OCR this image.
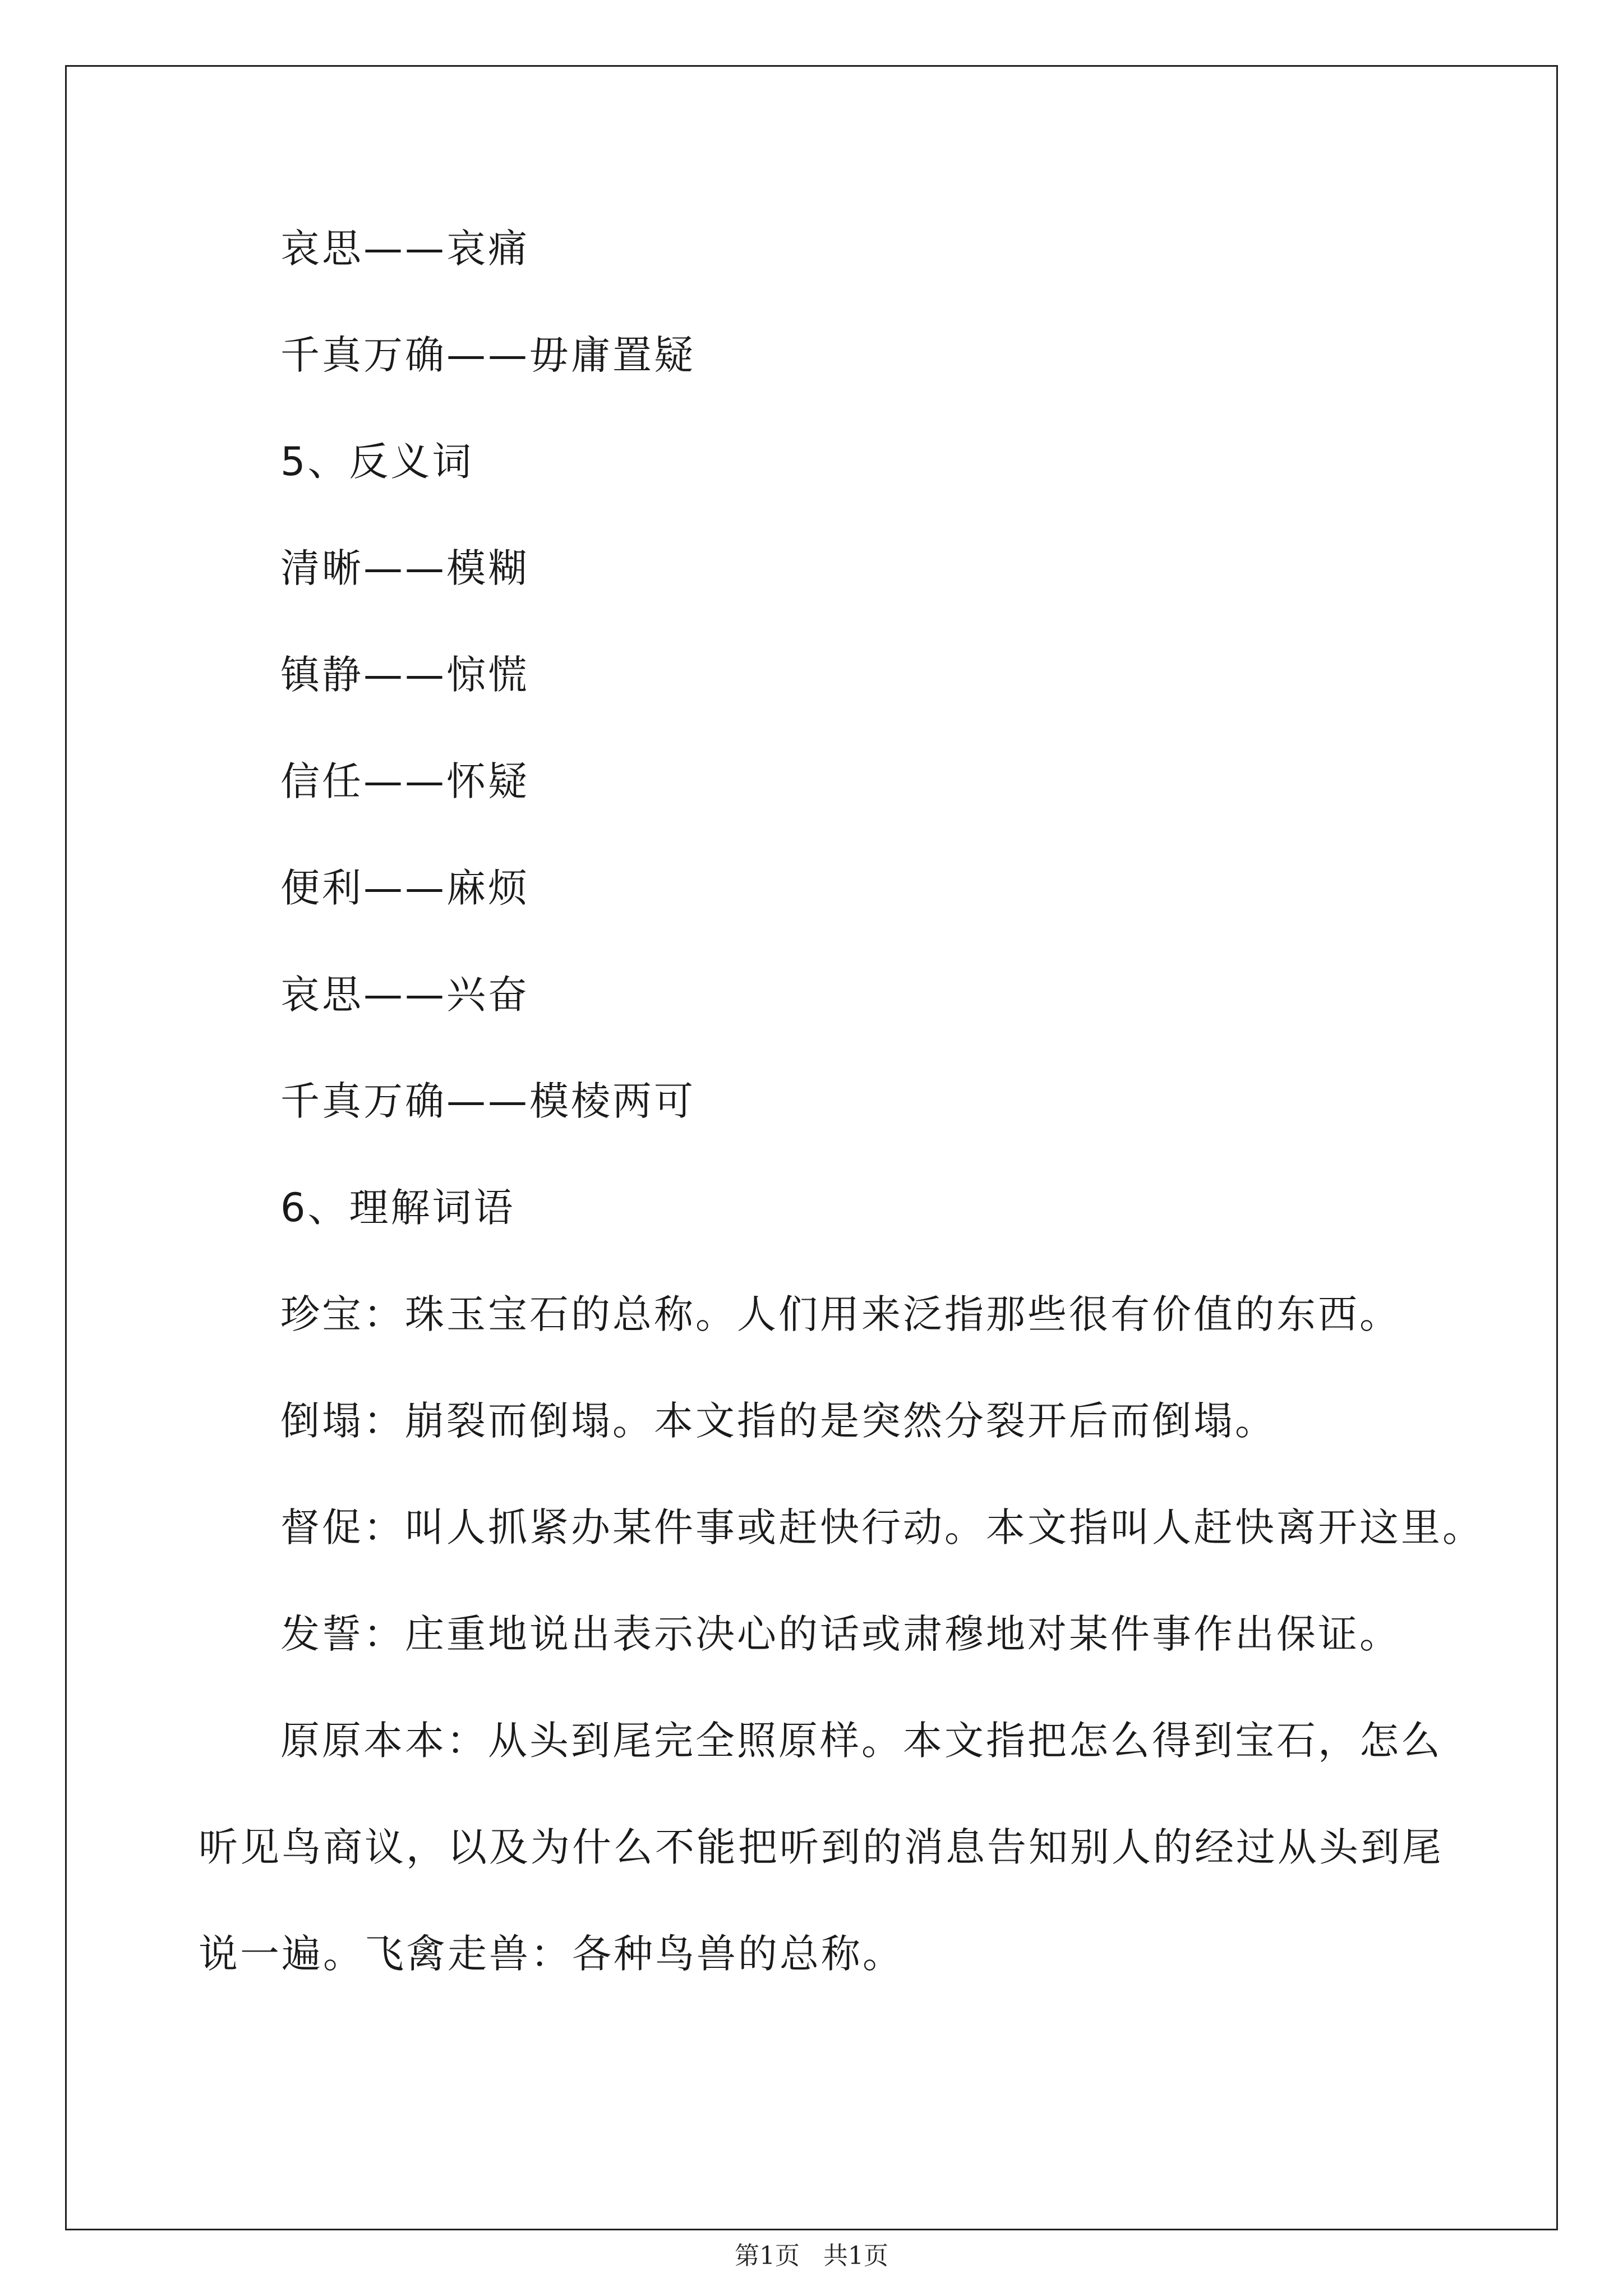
哀思——哀痛
千真万确——毋庸置疑
5、反义词
清晰——模糊
镇静——惊慌
信任——怀疑
便利——麻烦
哀思——兴奋
千真万确——模棱两可
6、理解词语
珍宝：珠玉宝石的总称。人们用来泛指那些很有价值的东西。
倒塌：崩裂而倒塌。本文指的是突然分裂开后而倒塌。
督促：叫人抓紧办某件事或赶快行动。本文指叫人赶快离开这里。
发誓：庄重地说出表示决心的话或肃穆地对某件事作出保证。
原原本本：从头到尾完全照原样。本文指把怎么得到宝石，怎么
听见鸟商议，以及为什么不能把听到的消息告知别人的经过从头到尾
说一遍。飞禽走兽：各种鸟兽的总称。
第1页   共1页
